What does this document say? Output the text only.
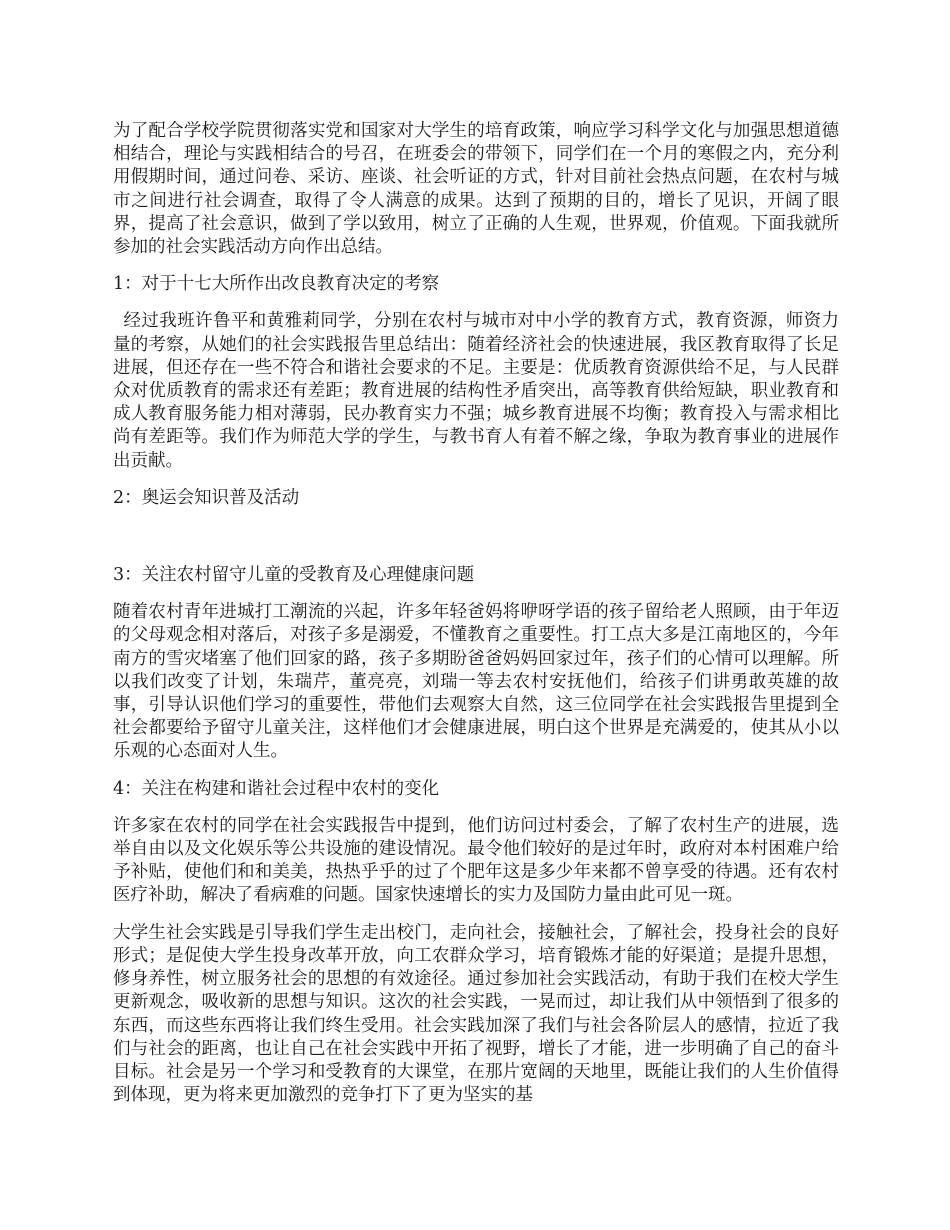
为了配合学校学院贯彻落实党和国家对大学生的培育政策，响应学习科学文化与加强思想道德相结合，理论与实践相结合的号召，在班委会的带领下，同学们在一个月的寒假之内，充分利用假期时间，通过问卷、采访、座谈、社会听证的方式，针对目前社会热点问题，在农村与城市之间进行社会调查，取得了令人满意的成果。达到了预期的目的，增长了见识，开阔了眼界，提高了社会意识，做到了学以致用，树立了正确的人生观，世界观，价值观。下面我就所参加的社会实践活动方向作出总结。

1：对于十七大所作出改良教育决定的考察

经过我班许鲁平和黄雅莉同学，分别在农村与城市对中小学的教育方式，教育资源，师资力量的考察，从她们的社会实践报告里总结出：随着经济社会的快速进展，我区教育取得了长足进展，但还存在一些不符合和谐社会要求的不足。主要是：优质教育资源供给不足，与人民群众对优质教育的需求还有差距；教育进展的结构性矛盾突出，高等教育供给短缺，职业教育和成人教育服务能力相对薄弱，民办教育实力不强；城乡教育进展不均衡；教育投入与需求相比尚有差距等。我们作为师范大学的学生，与教书育人有着不解之缘，争取为教育事业的进展作出贡献。

2：奥运会知识普及活动

3：关注农村留守儿童的受教育及心理健康问题

随着农村青年进城打工潮流的兴起，许多年轻爸妈将咿呀学语的孩子留给老人照顾，由于年迈的父母观念相对落后，对孩子多是溺爱，不懂教育之重要性。打工点大多是江南地区的，今年南方的雪灾堵塞了他们回家的路，孩子多期盼爸爸妈妈回家过年，孩子们的心情可以理解。所以我们改变了计划，朱瑞芹，董亮亮，刘瑞一等去农村安抚他们，给孩子们讲勇敢英雄的故事，引导认识他们学习的重要性，带他们去观察大自然，这三位同学在社会实践报告里提到全社会都要给予留守儿童关注，这样他们才会健康进展，明白这个世界是充满爱的，使其从小以乐观的心态面对人生。

4：关注在构建和谐社会过程中农村的变化

许多家在农村的同学在社会实践报告中提到，他们访问过村委会，了解了农村生产的进展，选举自由以及文化娱乐等公共设施的建设情况。最令他们较好的是过年时，政府对本村困难户给予补贴，使他们和和美美，热热乎乎的过了个肥年这是多少年来都不曾享受的待遇。还有农村医疗补助，解决了看病难的问题。国家快速增长的实力及国防力量由此可见一斑。

大学生社会实践是引导我们学生走出校门，走向社会，接触社会，了解社会，投身社会的良好形式；是促使大学生投身改革开放，向工农群众学习，培育锻炼才能的好渠道；是提升思想，修身养性，树立服务社会的思想的有效途径。通过参加社会实践活动，有助于我们在校大学生更新观念，吸收新的思想与知识。这次的社会实践，一晃而过，却让我们从中领悟到了很多的东西，而这些东西将让我们终生受用。社会实践加深了我们与社会各阶层人的感情，拉近了我们与社会的距离，也让自己在社会实践中开拓了视野，增长了才能，进一步明确了自己的奋斗目标。社会是另一个学习和受教育的大课堂，在那片宽阔的天地里，既能让我们的人生价值得到体现，更为将来更加激烈的竞争打下了更为坚实的基
